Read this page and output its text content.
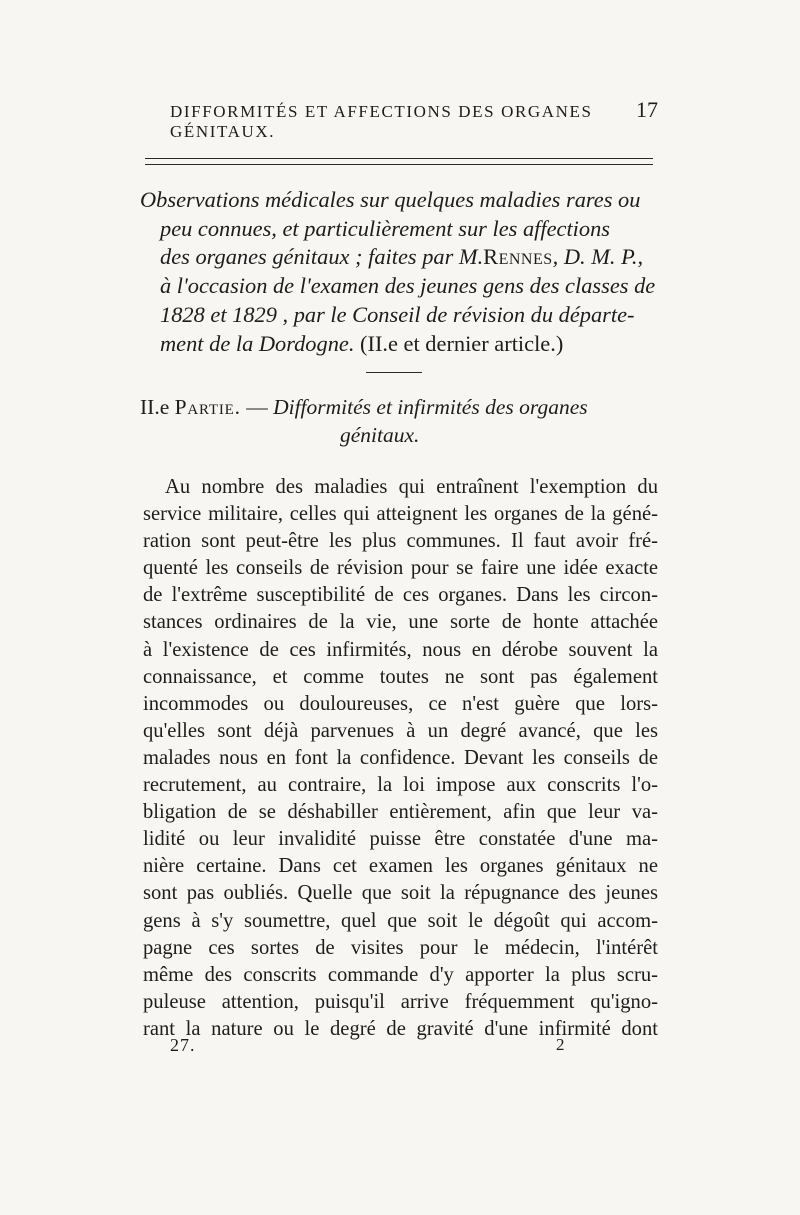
DIFFORMITÉS ET AFFECTIONS DES ORGANES GÉNITAUX.
17

Observations médicales sur quelques maladies rares ou
peu connues, et particulièrement sur les affections
des organes génitaux ; faites par M.Rennes, D. M. P.,
à l'occasion de l'examen des jeunes gens des classes de
1828 et 1829 , par le Conseil de révision du départe-
ment de la Dordogne. (II.e et dernier article.)

II.e Partie. — Difformités et infirmités des organes
génitaux.

Au nombre des maladies qui entraînent l'exemption du
service militaire, celles qui atteignent les organes de la géné-
ration sont peut-être les plus communes. Il faut avoir fré-
quenté les conseils de révision pour se faire une idée exacte
de l'extrême susceptibilité de ces organes. Dans les circon-
stances ordinaires de la vie, une sorte de honte attachée
à l'existence de ces infirmités, nous en dérobe souvent la
connaissance, et comme toutes ne sont pas également
incommodes ou douloureuses, ce n'est guère que lors-
qu'elles sont déjà parvenues à un degré avancé, que les
malades nous en font la confidence. Devant les conseils de
recrutement, au contraire, la loi impose aux conscrits l'o-
bligation de se déshabiller entièrement, afin que leur va-
lidité ou leur invalidité puisse être constatée d'une ma-
nière certaine. Dans cet examen les organes génitaux ne
sont pas oubliés. Quelle que soit la répugnance des jeunes
gens à s'y soumettre, quel que soit le dégoût qui accom-
pagne ces sortes de visites pour le médecin, l'intérêt
même des conscrits commande d'y apporter la plus scru-
puleuse attention, puisqu'il arrive fréquemment qu'igno-
rant la nature ou le degré de gravité d'une infirmité dont

27.	2
